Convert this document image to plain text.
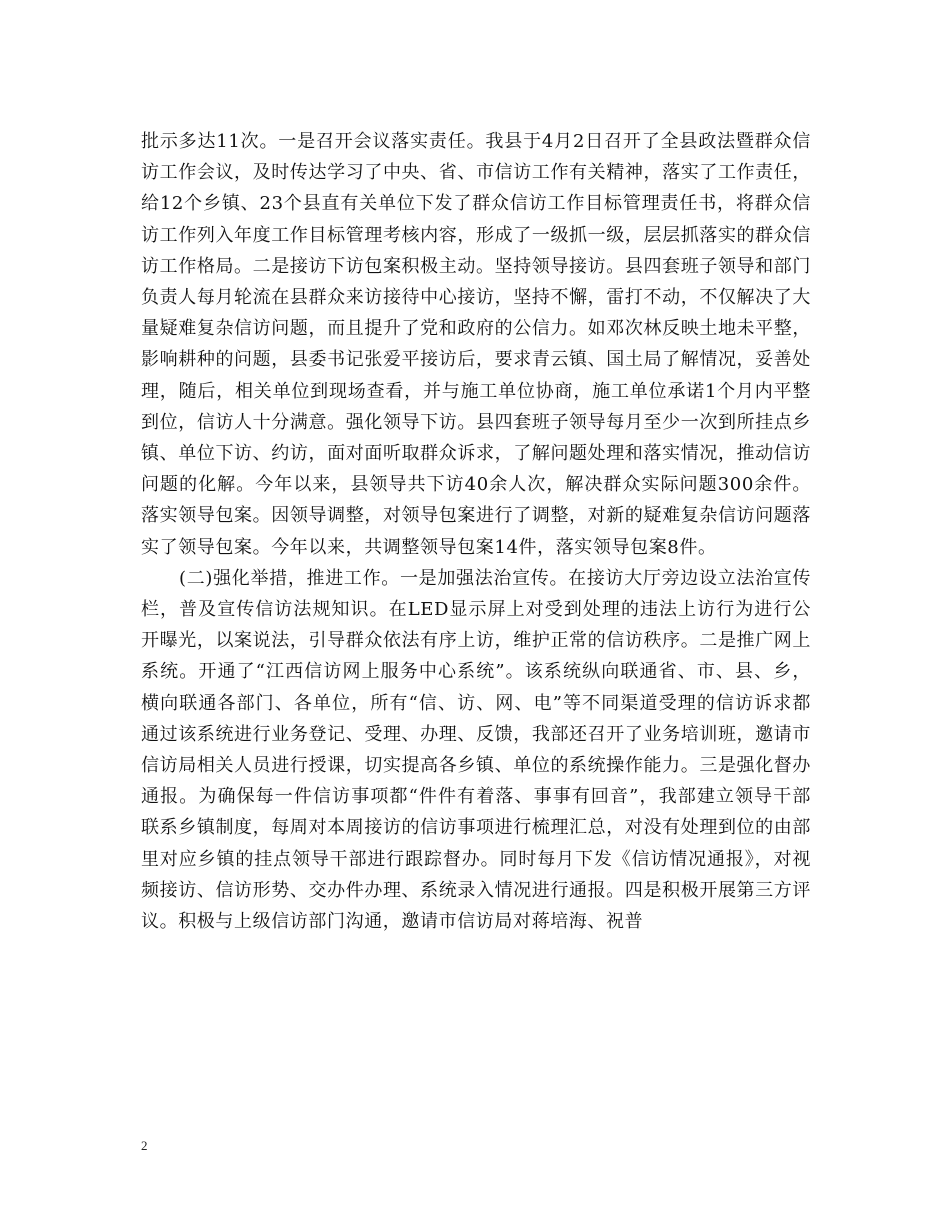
批示多达11次。一是召开会议落实责任。我县于4月2日召开了全县政法暨群众信访工作会议，及时传达学习了中央、省、市信访工作有关精神，落实了工作责任，给12个乡镇、23个县直有关单位下发了群众信访工作目标管理责任书，将群众信访工作列入年度工作目标管理考核内容，形成了一级抓一级，层层抓落实的群众信访工作格局。二是接访下访包案积极主动。坚持领导接访。县四套班子领导和部门负责人每月轮流在县群众来访接待中心接访，坚持不懈，雷打不动，不仅解决了大量疑难复杂信访问题，而且提升了党和政府的公信力。如邓次林反映土地未平整，影响耕种的问题，县委书记张爱平接访后，要求青云镇、国土局了解情况，妥善处理，随后，相关单位到现场查看，并与施工单位协商，施工单位承诺1个月内平整到位，信访人十分满意。强化领导下访。县四套班子领导每月至少一次到所挂点乡镇、单位下访、约访，面对面听取群众诉求，了解问题处理和落实情况，推动信访问题的化解。今年以来，县领导共下访40余人次，解决群众实际问题300余件。落实领导包案。因领导调整，对领导包案进行了调整，对新的疑难复杂信访问题落实了领导包案。今年以来，共调整领导包案14件，落实领导包案8件。

(二)强化举措，推进工作。一是加强法治宣传。在接访大厅旁边设立法治宣传栏，普及宣传信访法规知识。在LED显示屏上对受到处理的违法上访行为进行公开曝光，以案说法，引导群众依法有序上访，维护正常的信访秩序。二是推广网上系统。开通了“江西信访网上服务中心系统”。该系统纵向联通省、市、县、乡，横向联通各部门、各单位，所有“信、访、网、电”等不同渠道受理的信访诉求都通过该系统进行业务登记、受理、办理、反馈，我部还召开了业务培训班，邀请市信访局相关人员进行授课，切实提高各乡镇、单位的系统操作能力。三是强化督办通报。为确保每一件信访事项都“件件有着落、事事有回音”，我部建立领导干部联系乡镇制度，每周对本周接访的信访事项进行梳理汇总，对没有处理到位的由部里对应乡镇的挂点领导干部进行跟踪督办。同时每月下发《信访情况通报》，对视频接访、信访形势、交办件办理、系统录入情况进行通报。四是积极开展第三方评议。积极与上级信访部门沟通，邀请市信访局对蒋培海、祝普

2
